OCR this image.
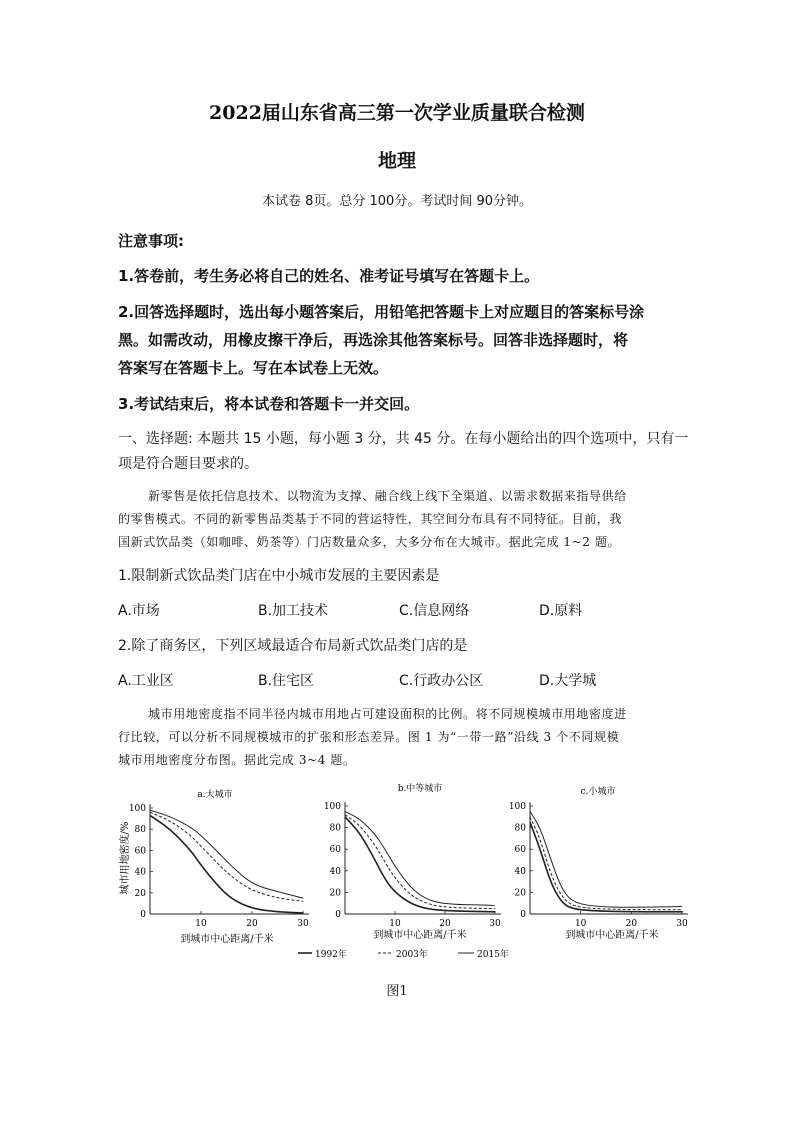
2022届山东省高三第一次学业质量联合检测
地理
本试卷 8页。总分 100分。考试时间 90分钟。
注意事项:
1.答卷前，考生务必将自己的姓名、准考证号填写在答题卡上。
2.回答选择题时，选出每小题答案后，用铅笔把答题卡上对应题目的答案标号涂
黑。如需改动，用橡皮擦干净后，再选涂其他答案标号。回答非选择题时，将
答案写在答题卡上。写在本试卷上无效。
3.考试结束后，将本试卷和答题卡一并交回。
一、选择题: 本题共 15 小题，每小题 3 分，共 45 分。在每小题给出的四个选项中，只有一
项是符合题目要求的。
新零售是依托信息技术、以物流为支撑、融合线上线下全渠道、以需求数据来指导供给
的零售模式。不同的新零售品类基于不同的营运特性，其空间分布具有不同特征。目前，我
国新式饮品类（如咖啡、奶茶等）门店数量众多，大多分布在大城市。据此完成 1~2 题。
1.限制新式饮品类门店在中小城市发展的主要因素是
A.市场	B.加工技术	C.信息网络	D.原料
2.除了商务区，下列区域最适合布局新式饮品类门店的是
A.工业区	B.住宅区	C.行政办公区	D.大学城
城市用地密度指不同半径内城市用地占可建设面积的比例。将不同规模城市用地密度进
行比较，可以分析不同规模城市的扩张和形态差异。图 1 为“一带一路”沿线 3 个不同规模
城市用地密度分布图。据此完成 3~4 题。
城市用地密度/%
a.大城市
到城市中心距离/千米
0
20
40
60
80
100
10	20	30
b.中等城市
到城市中心距离/千米
0
20
40
60
80
100
10	20	30
c.小城市
到城市中心距离/千米
0
20
40
60
80
100
10	20	30
1992年	2003年	2015年
图1
